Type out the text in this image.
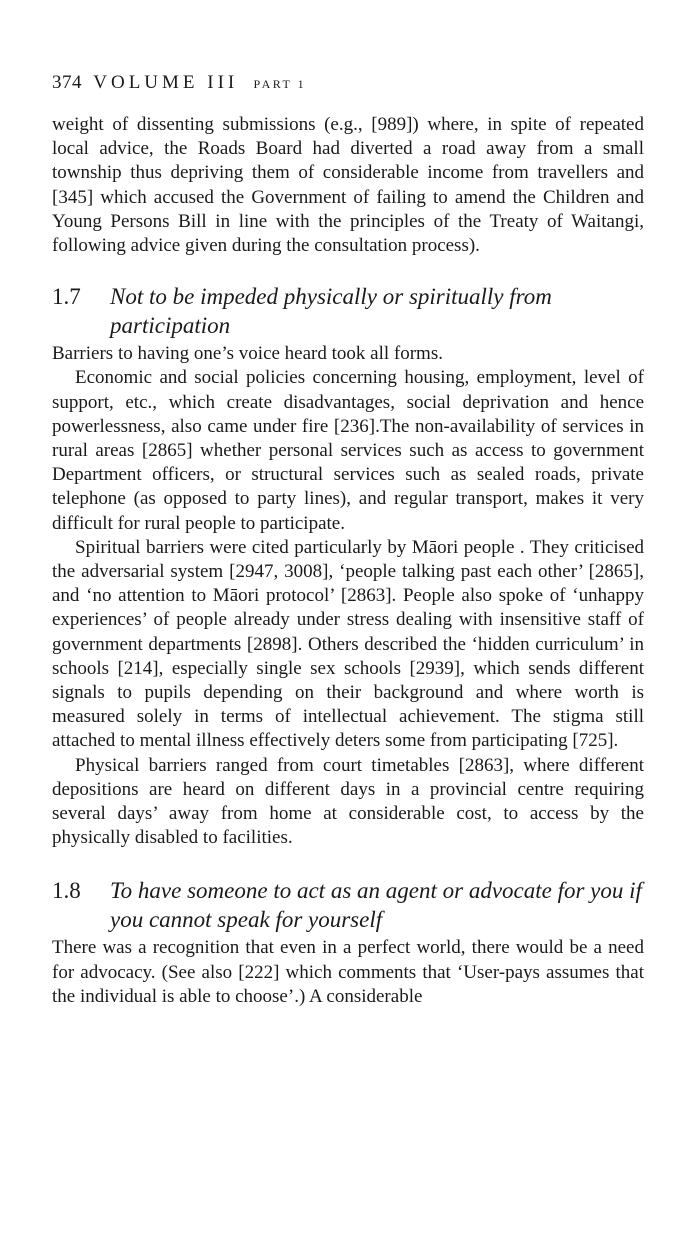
374 VOLUME III PART 1

weight of dissenting submissions (e.g., [989]) where, in spite of repeated local advice, the Roads Board had diverted a road away from a small township thus depriving them of considerable income from travellers and [345] which accused the Government of failing to amend the Children and Young Persons Bill in line with the principles of the Treaty of Waitangi, following advice given during the consultation process).

1.7 Not to be impeded physically or spiritually from participation

Barriers to having one’s voice heard took all forms.

Economic and social policies concerning housing, employment, level of support, etc., which create disadvantages, social deprivation and hence powerlessness, also came under fire [236].The non-availability of services in rural areas [2865] whether personal services such as access to government Department officers, or structural services such as sealed roads, private telephone (as opposed to party lines), and regular transport, makes it very difficult for rural people to participate.

Spiritual barriers were cited particularly by Māori people . They criticised the adversarial system [2947, 3008], ‘people talking past each other’ [2865], and ‘no attention to Māori protocol’ [2863]. People also spoke of ‘unhappy experiences’ of people already under stress dealing with insensitive staff of government departments [2898]. Others described the ‘hidden curriculum’ in schools [214], especially single sex schools [2939], which sends different signals to pupils depending on their background and where worth is measured solely in terms of intellectual achievement. The stigma still attached to mental illness effectively deters some from participating [725].

Physical barriers ranged from court timetables [2863], where different depositions are heard on different days in a provincial centre requiring several days’ away from home at considerable cost, to access by the physically disabled to facilities.

1.8 To have someone to act as an agent or advocate for you if you cannot speak for yourself

There was a recognition that even in a perfect world, there would be a need for advocacy. (See also [222] which comments that ‘User-pays assumes that the individual is able to choose’.) A considerable
